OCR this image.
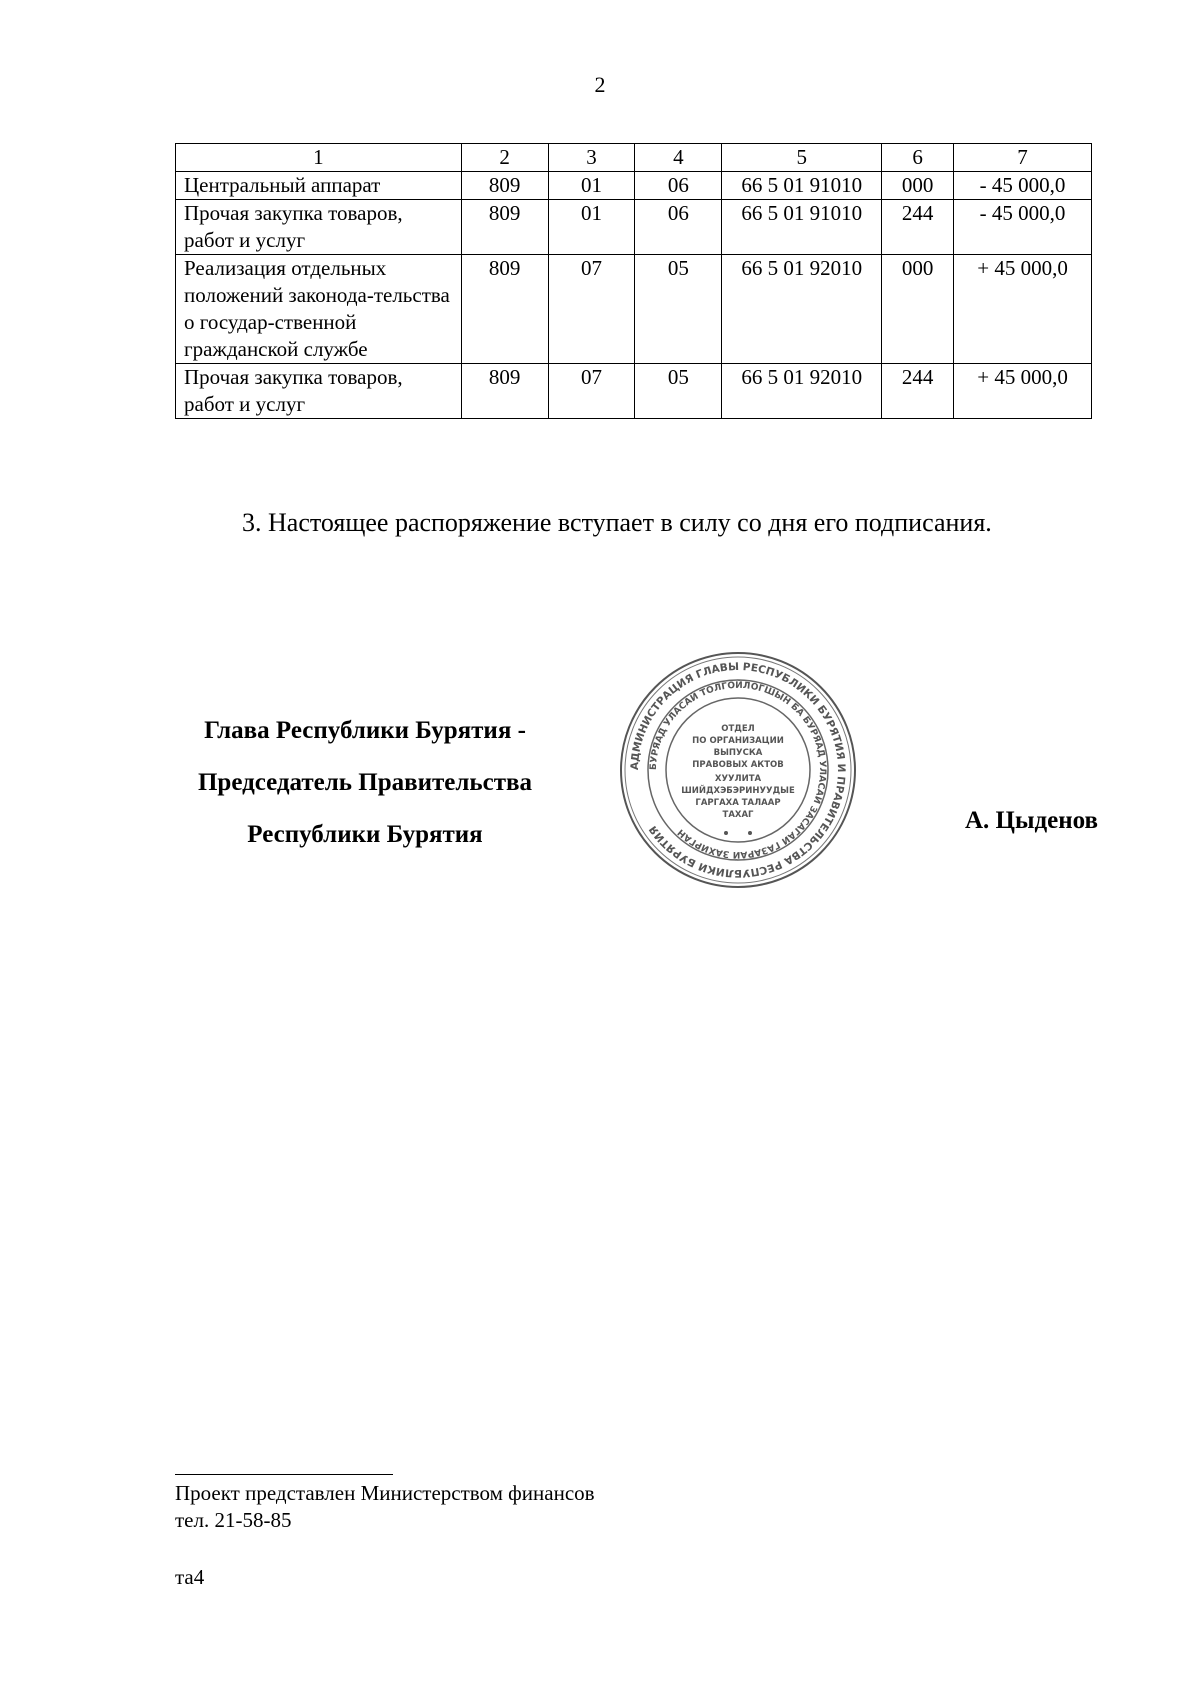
2
1	2	3	4	5	6	7
Центральный аппарат	809	01	06	66 5 01 91010	000	- 45 000,0
Прочая закупка товаров, работ и услуг	809	01	06	66 5 01 91010	244	- 45 000,0
Реализация отдельных положений законода-тельства о государ-ственной гражданской службе	809	07	05	66 5 01 92010	000	+ 45 000,0
Прочая закупка товаров, работ и услуг	809	07	05	66 5 01 92010	244	+ 45 000,0
3. Настоящее распоряжение вступает в силу со дня его подписания.
Глава Республики Бурятия -
Председатель Правительства
Республики Бурятия
АДМИНИСТРАЦИЯ ГЛАВЫ РЕСПУБЛИКИ БУРЯТИЯ И ПРАВИТЕЛЬСТВА РЕСПУБЛИКИ БУРЯТИЯ
БУРЯАД УЛАСАЙ ТОЛГОЙЛОГШЫН БА БУРЯАД УЛАСАЙ ЗАСАГАЙ ГАЗАРАЙ ЗАХИРГАН
ОТДЕЛ
ПО ОРГАНИЗАЦИИ
ВЫПУСКА
ПРАВОВЫХ АКТОВ
ХУУЛИТА
ШИЙДХЭБЭРИНУУДЫЕ
ГАРГАХА ТАЛААР
ТАХАГ	А. Цыденов
Проект представлен Министерством финансов
тел. 21-58-85
та4
